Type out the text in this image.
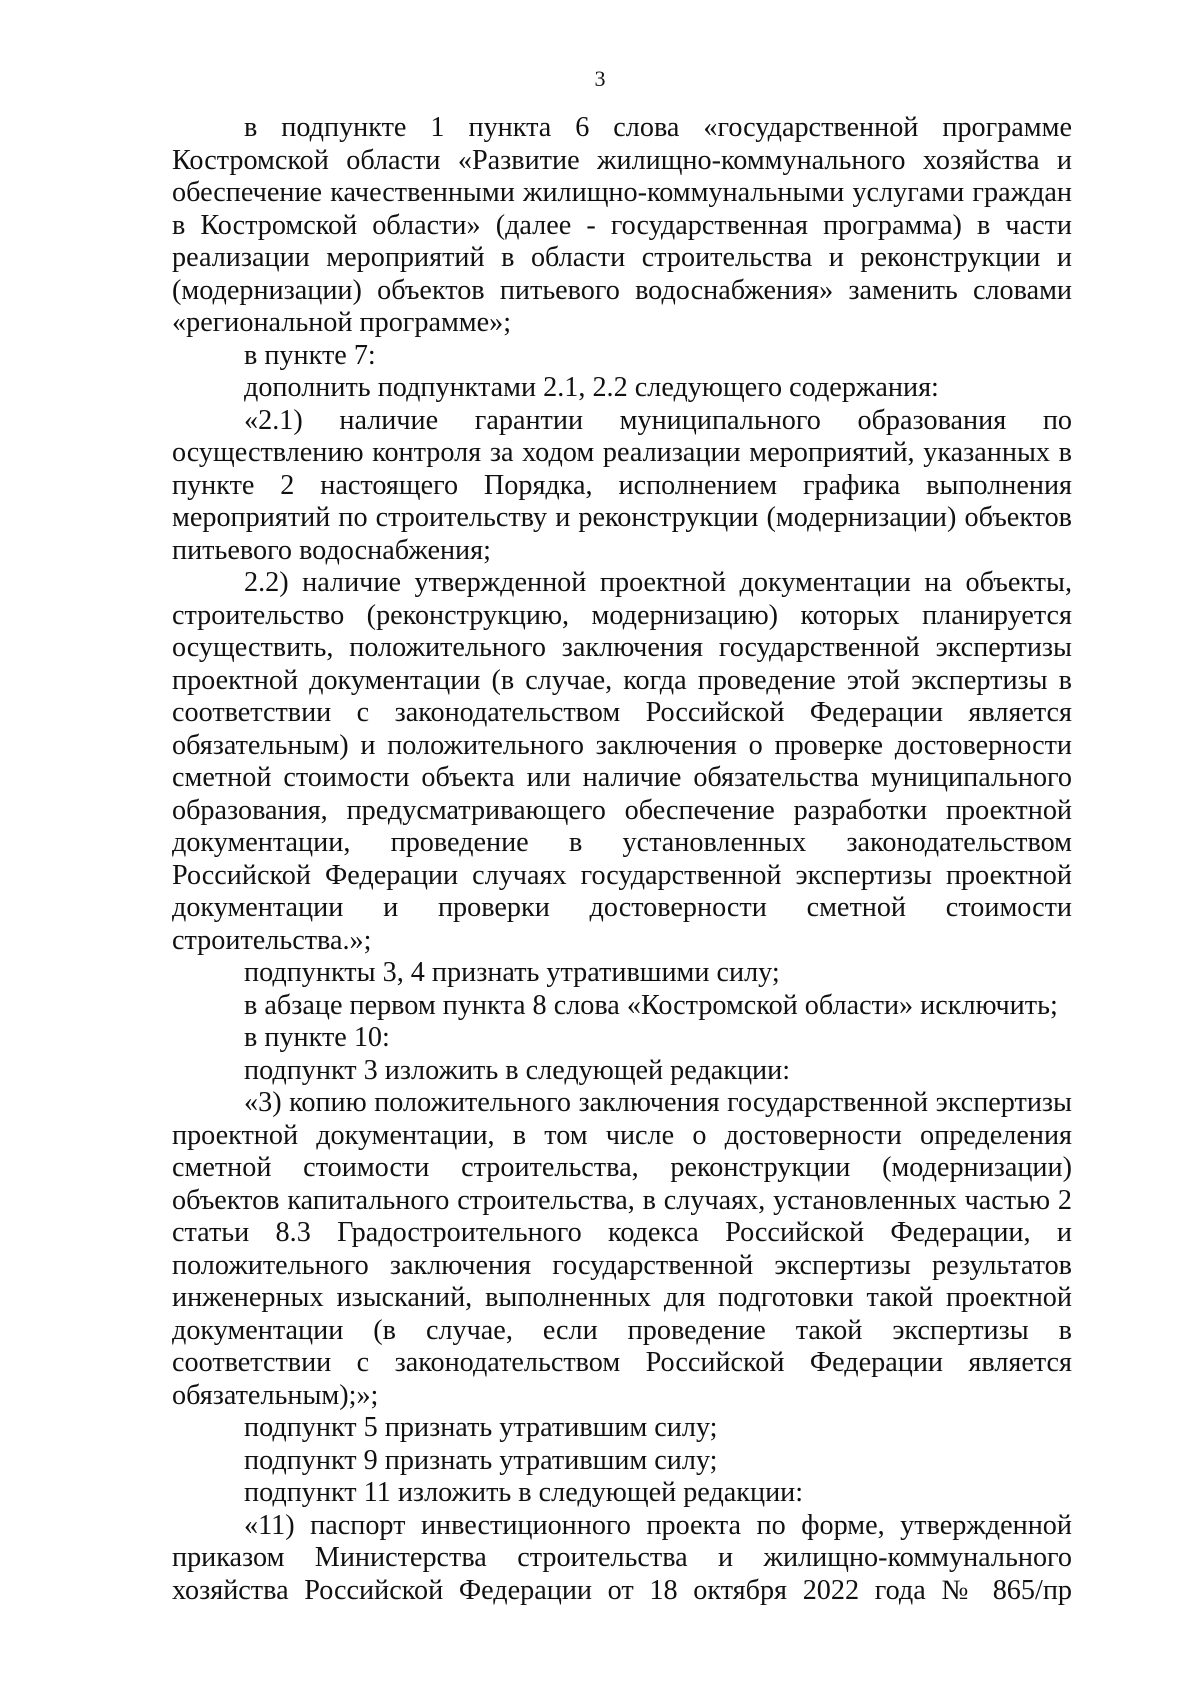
3

в подпункте 1 пункта 6 слова «государственной программе Костромской области «Развитие жилищно-коммунального хозяйства и обеспечение качественными жилищно-коммунальными услугами граждан в Костромской области» (далее - государственная программа) в части реализации мероприятий в области строительства и реконструкции и (модернизации) объектов питьевого водоснабжения» заменить словами «региональной программе»;

в пункте 7:

дополнить подпунктами 2.1, 2.2 следующего содержания:

«2.1) наличие гарантии муниципального образования по осуществлению контроля за ходом реализации мероприятий, указанных в пункте 2 настоящего Порядка, исполнением графика выполнения мероприятий по строительству и реконструкции (модернизации) объектов питьевого водоснабжения;

2.2) наличие утвержденной проектной документации на объекты, строительство (реконструкцию, модернизацию) которых планируется осуществить, положительного заключения государственной экспертизы проектной документации (в случае, когда проведение этой экспертизы в соответствии с законодательством Российской Федерации является обязательным) и положительного заключения о проверке достоверности сметной стоимости объекта или наличие обязательства муниципального образования, предусматривающего обеспечение разработки проектной документации, проведение в установленных законодательством Российской Федерации случаях государственной экспертизы проектной документации и проверки достоверности сметной стоимости строительства.»;

подпункты 3, 4 признать утратившими силу;

в абзаце первом пункта 8 слова «Костромской области» исключить;

в пункте 10:

подпункт 3 изложить в следующей редакции:

«3) копию положительного заключения государственной экспертизы проектной документации, в том числе о достоверности определения сметной стоимости строительства, реконструкции (модернизации) объектов капитального строительства, в случаях, установленных частью 2 статьи 8.3 Градостроительного кодекса Российской Федерации, и положительного заключения государственной экспертизы результатов инженерных изысканий, выполненных для подготовки такой проектной документации (в случае, если проведение такой экспертизы в соответствии с законодательством Российской Федерации является обязательным);»;

подпункт 5 признать утратившим силу;

подпункт 9 признать утратившим силу;

подпункт 11 изложить в следующей редакции:

«11) паспорт инвестиционного проекта по форме, утвержденной приказом Министерства строительства и жилищно-коммунального хозяйства Российской Федерации от 18 октября 2022 года № 865/пр
